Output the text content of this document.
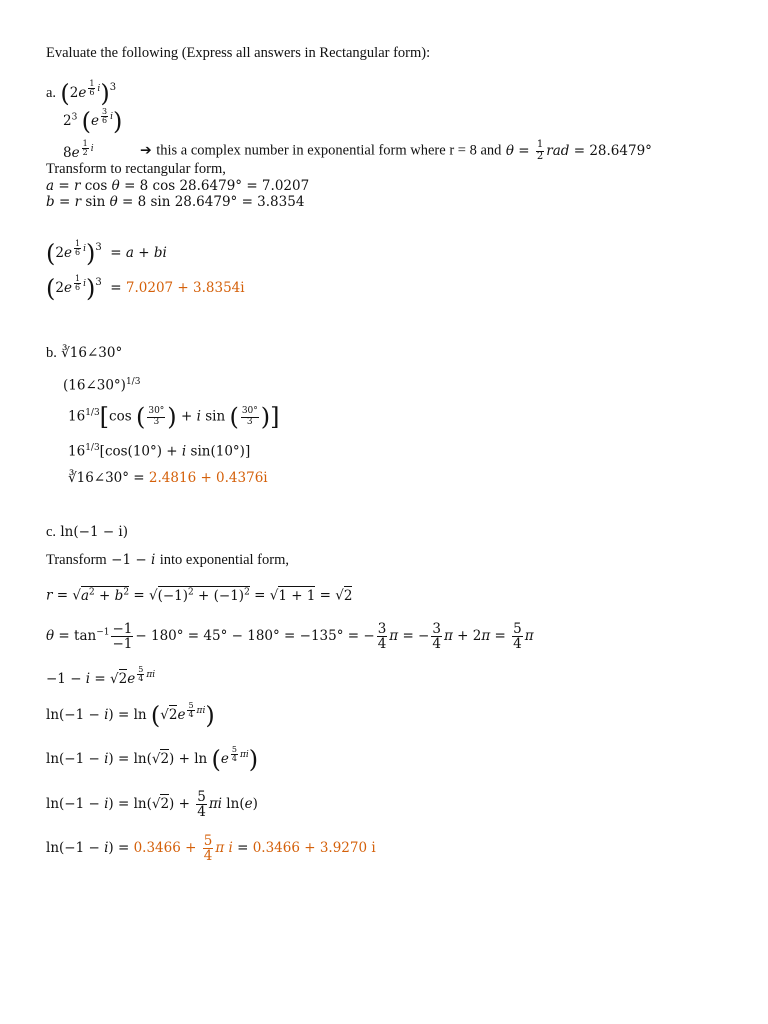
Evaluate the following (Express all answers in Rectangular form):
a. (2e $^{\frac{1}{6} i}$)$^3$
$2^3$ (e $^{\frac{3}{6} i}$)
8e $^{\frac{1}{2} i}$	➔ this a complex number in exponential form where r = 8 and $\theta = \frac{1}{2}$ rad = 28.6479°
Transform to rectangular form,
a = r cos θ = 8 cos 28.6479° = 7.0207
b = r sin θ = 8 sin 28.6479° = 3.8354
(2e $^{\frac{1}{6} i}$)$^3$  = a + bi
(2e $^{\frac{1}{6} i}$)$^3$  = 7.0207 + 3.8354i
b. ∛16∠30°
(16∠30°)$^{1/3}$
$16^{1/3}[\cos$ ( $\frac{30^\circ}{3}$ ) + i sin ( $\frac{30^\circ}{3}$ )]
$16^{1/3}[\cos(10^\circ) + i$ sin(10°)]
∛16∠30° = 2.4816 + 0.4376i
c. ln(−1 − i)
Transform −1 − i into exponential form,
$r = √a^2 + b^2 = √(-1)^2 + (-1)^2 = √1 + 1 = √2$
$\theta = \tan^{-1} \frac{-1}{-1} - 180^\circ = 45^\circ - 180^\circ = -135^\circ$ = − $\frac{3}{4}$ π = − $\frac{3}{4}$ $\pi + 2\pi = \frac{5}{4}$ π
−1 − i = √2e $^{\frac{5}{4} \pi i}$
ln(−1 − i) = ln (√2e $^{\frac{5}{4} \pi i}$)
ln(−1 − i) = ln(√2) + ln (e $^{\frac{5}{4} \pi i}$)
$\ln(-1 - i) = \ln(√2) + \frac{5}{4}$ πi ln(e)
$\ln(-1 - i) = 0.3466 + \frac{5}{4}$ π i = 0.3466 + 3.9270 i
